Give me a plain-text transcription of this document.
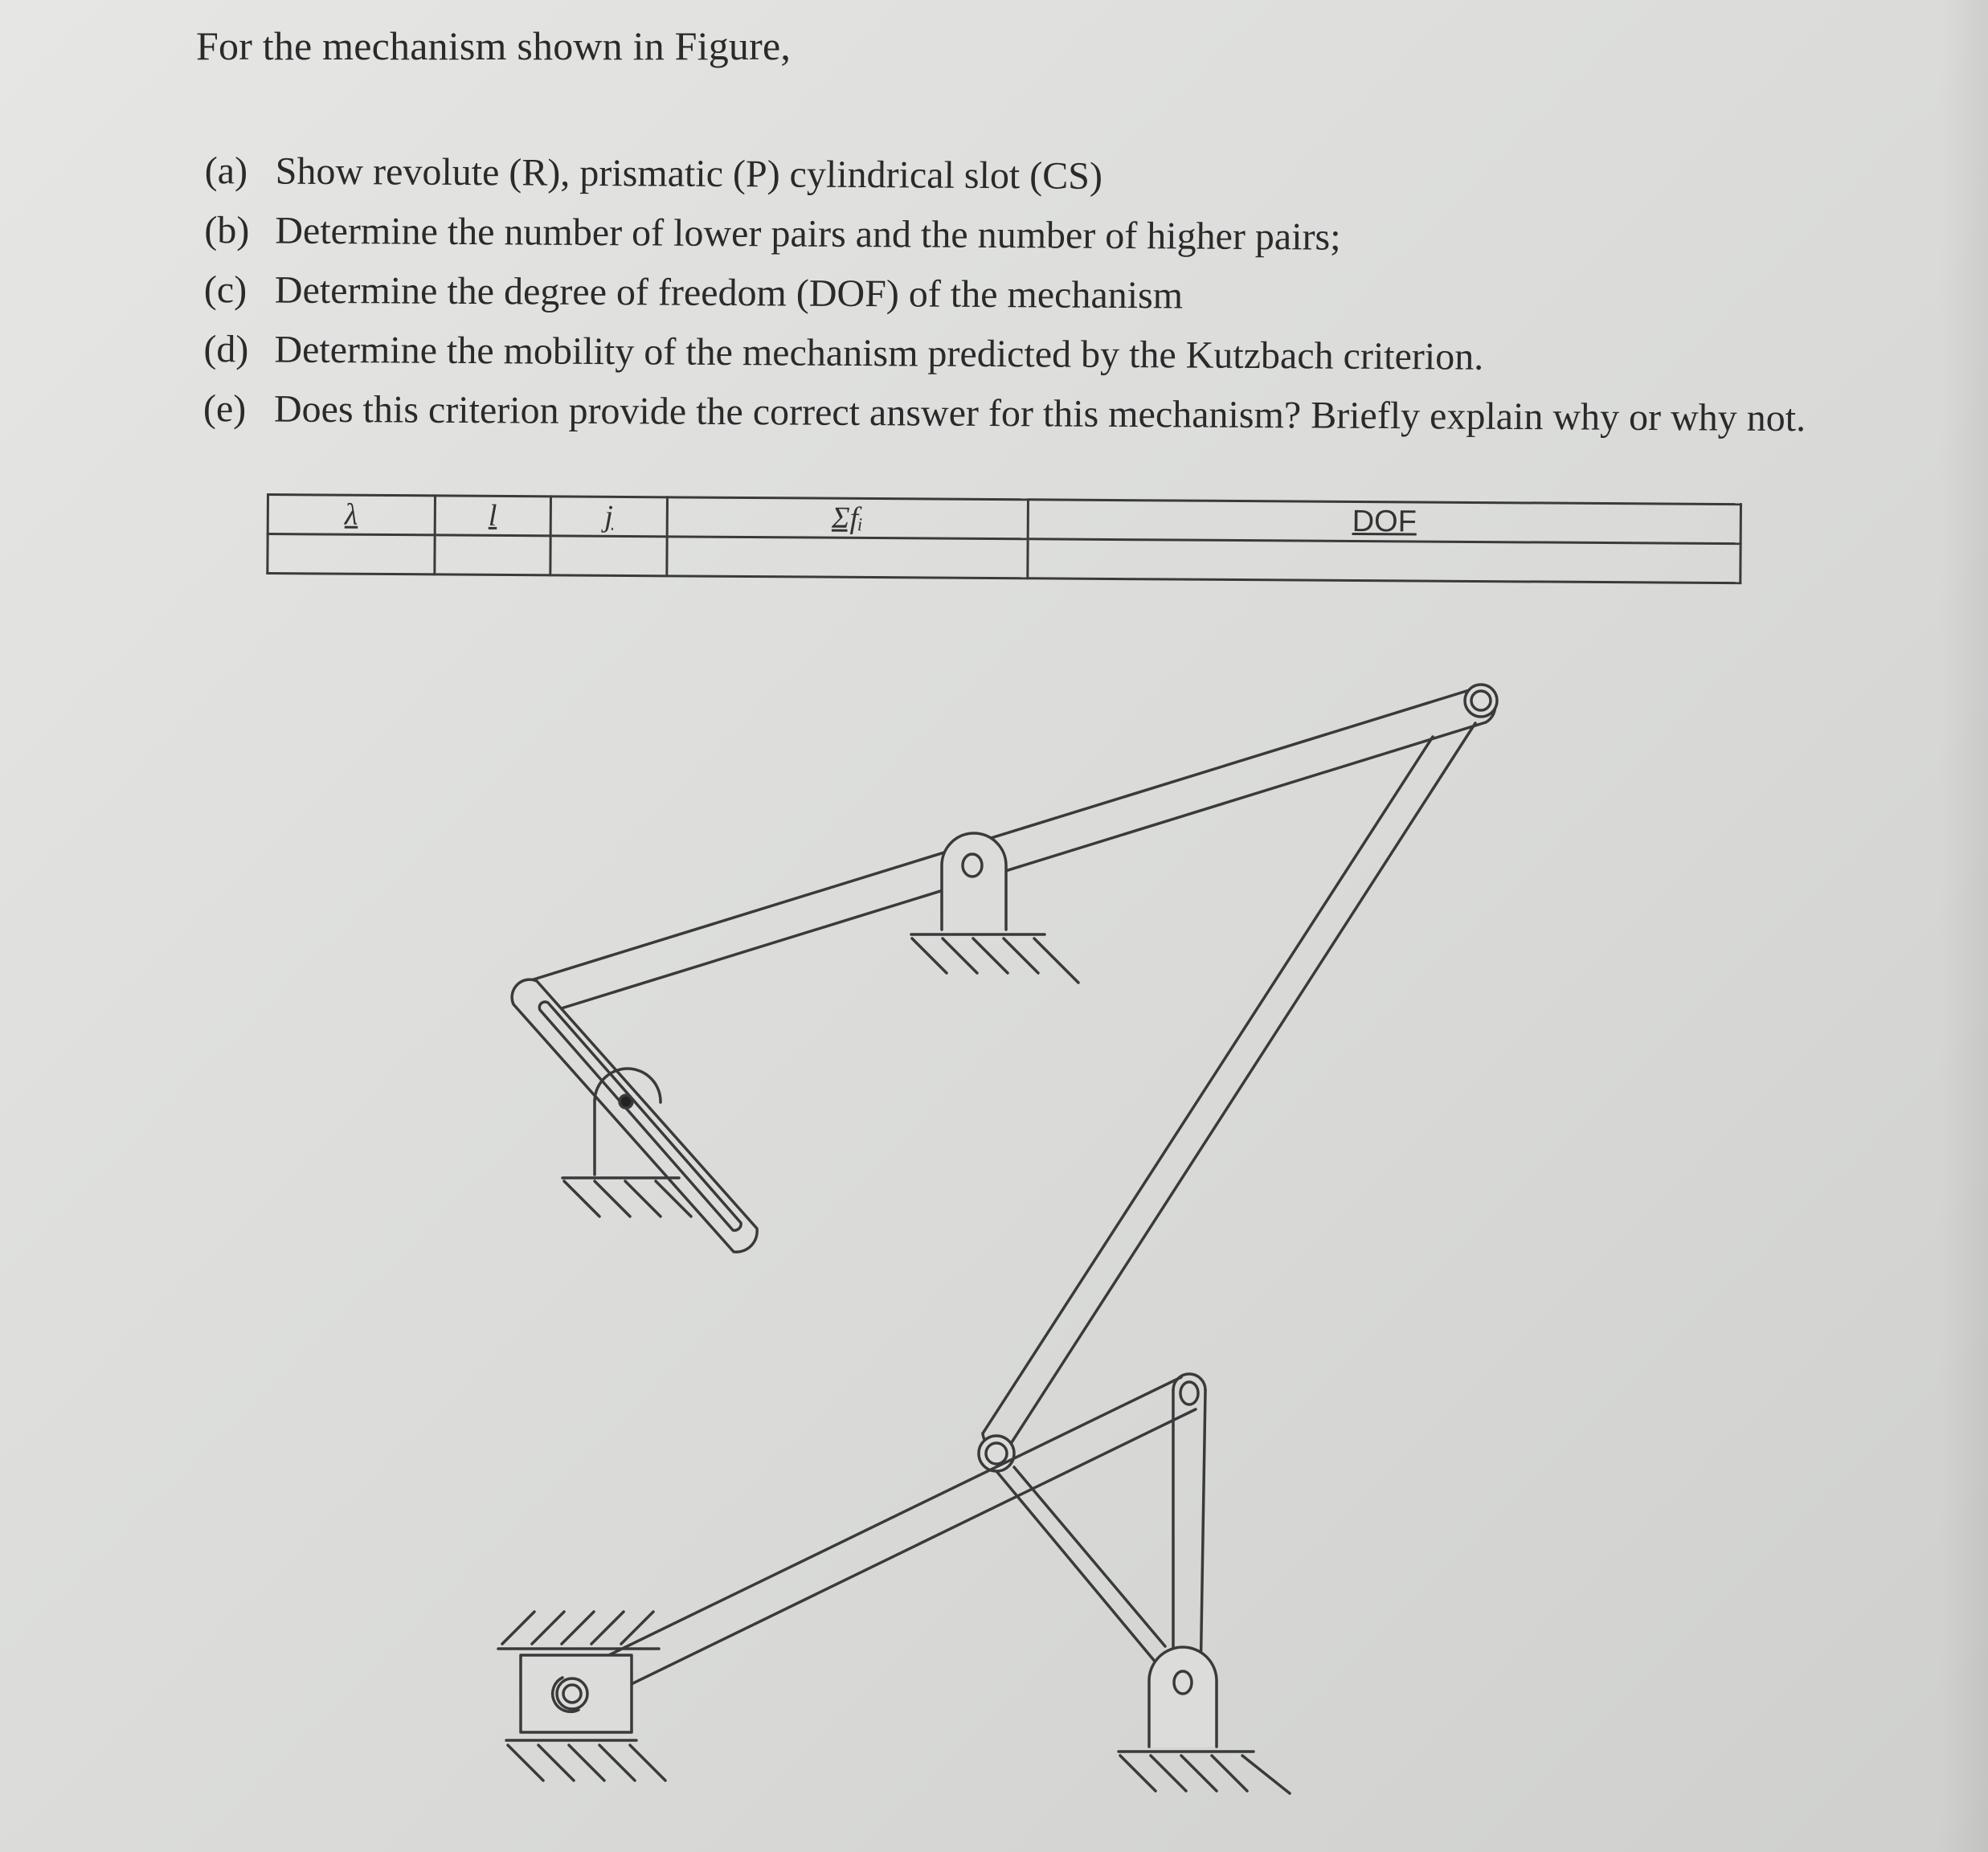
For the mechanism shown in Figure,
(a) Show revolute (R), prismatic (P) cylindrical slot (CS)
(b) Determine the number of lower pairs and the number of higher pairs;
(c) Determine the degree of freedom (DOF) of the mechanism
(d) Determine the mobility of the mechanism predicted by the Kutzbach criterion.
(e) Does this criterion provide the correct answer for this mechanism? Briefly explain why or why not.
λ	l	j	Σfᵢ	DOF
